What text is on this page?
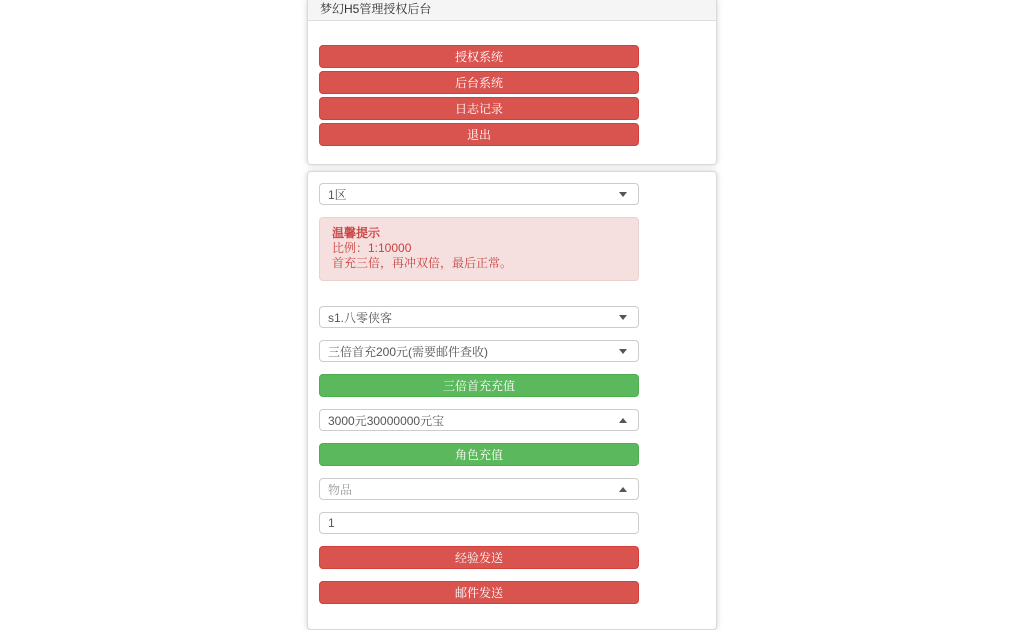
梦幻H5管理授权后台
授权系统
后台系统
日志记录
退出
1区
温馨提示
比例：1:10000
首充三倍，再冲双倍，最后正常。
s1.八零侠客
三倍首充200元(需要邮件查收)
三倍首充充值
3000元30000000元宝
角色充值
物品
1
经验发送
邮件发送
